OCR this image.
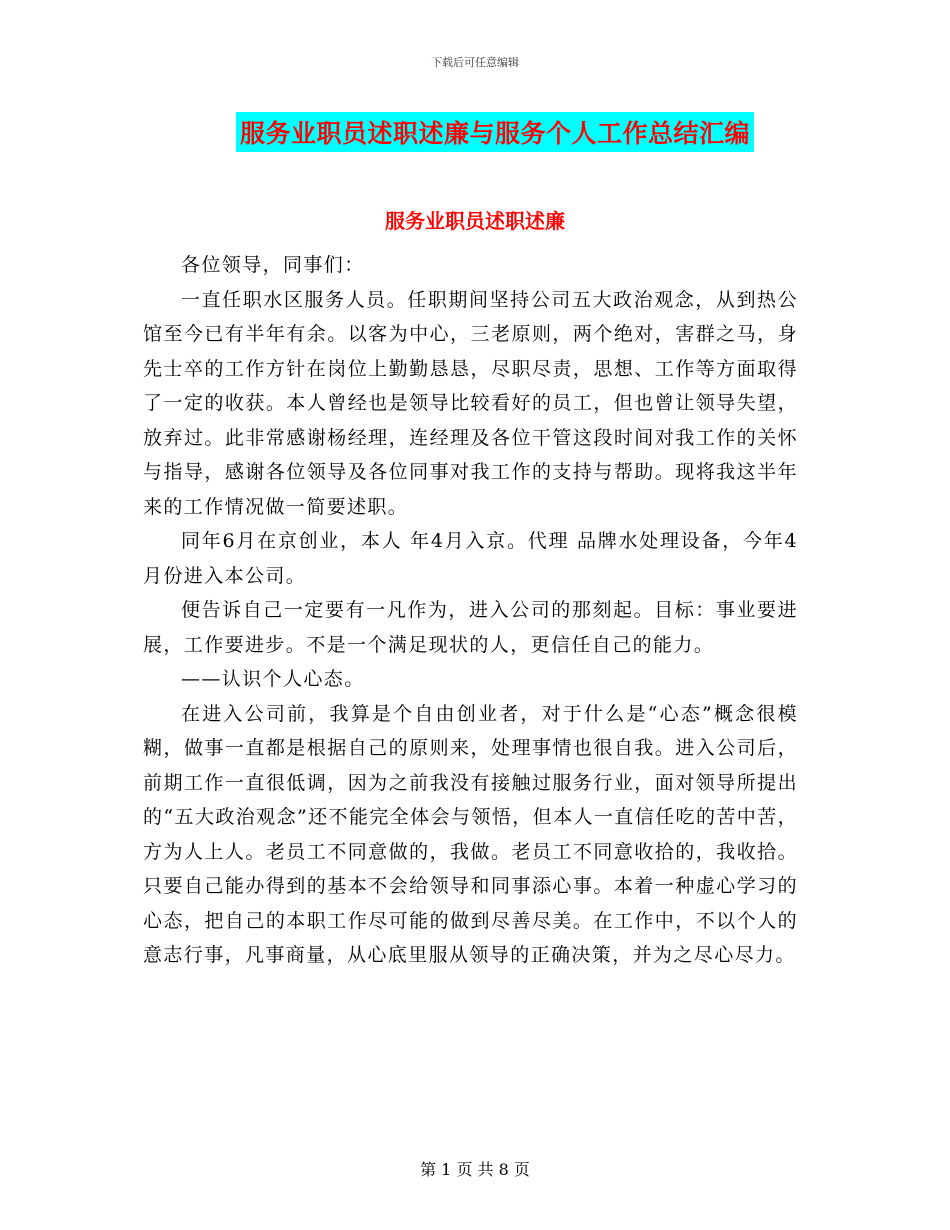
下载后可任意编辑
服务业职员述职述廉与服务个人工作总结汇编
服务业职员述职述廉

各位领导，同事们：

一直任职水区服务人员。任职期间坚持公司五大政治观念，从到热公馆至今已有半年有余。以客为中心，三老原则，两个绝对，害群之马，身先士卒的工作方针在岗位上勤勤恳恳，尽职尽责，思想、工作等方面取得了一定的收获。本人曾经也是领导比较看好的员工，但也曾让领导失望，放弃过。此非常感谢杨经理，连经理及各位干管这段时间对我工作的关怀与指导，感谢各位领导及各位同事对我工作的支持与帮助。现将我这半年来的工作情况做一简要述职。

同年6月在京创业，本人 年4月入京。代理 品牌水处理设备，今年4月份进入本公司。

便告诉自己一定要有一凡作为，进入公司的那刻起。目标：事业要进展，工作要进步。不是一个满足现状的人，更信任自己的能力。

——认识个人心态。

在进入公司前，我算是个自由创业者，对于什么是“心态”概念很模糊，做事一直都是根据自己的原则来，处理事情也很自我。进入公司后，前期工作一直很低调，因为之前我没有接触过服务行业，面对领导所提出的“五大政治观念”还不能完全体会与领悟，但本人一直信任吃的苦中苦，方为人上人。老员工不同意做的，我做。老员工不同意收拾的，我收拾。只要自己能办得到的基本不会给领导和同事添心事。本着一种虚心学习的心态，把自己的本职工作尽可能的做到尽善尽美。在工作中，不以个人的意志行事，凡事商量，从心底里服从领导的正确决策，并为之尽心尽力。

第 1 页 共 8 页
